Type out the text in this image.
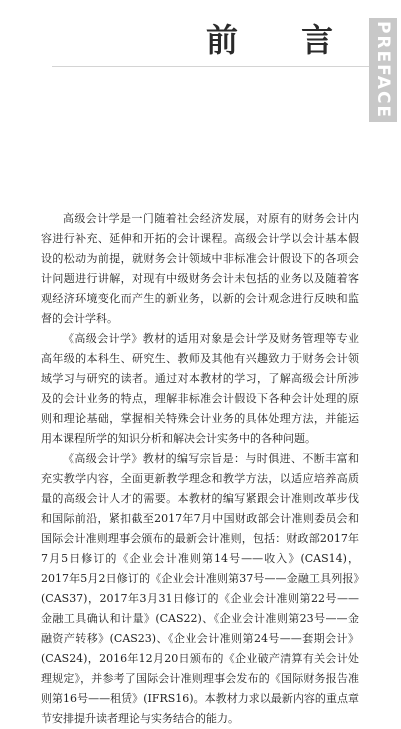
前 言 PREFACE

高级会计学是一门随着社会经济发展，对原有的财务会计内容进行补充、延伸和开拓的会计课程。高级会计学以会计基本假设的松动为前提，就财务会计领域中非标准会计假设下的各项会计问题进行讲解，对现有中级财务会计未包括的业务以及随着客观经济环境变化而产生的新业务，以新的会计观念进行反映和监督的会计学科。

《高级会计学》教材的适用对象是会计学及财务管理等专业高年级的本科生、研究生、教师及其他有兴趣致力于财务会计领域学习与研究的读者。通过对本教材的学习，了解高级会计所涉及的会计业务的特点，理解非标准会计假设下各种会计处理的原则和理论基础，掌握相关特殊会计业务的具体处理方法，并能运用本课程所学的知识分析和解决会计实务中的各种问题。

《高级会计学》教材的编写宗旨是：与时俱进、不断丰富和充实教学内容，全面更新教学理念和教学方法，以适应培养高质量的高级会计人才的需要。本教材的编写紧跟会计准则改革步伐和国际前沿，紧扣截至2017年7月中国财政部会计准则委员会和国际会计准则理事会颁布的最新会计准则，包括：财政部2017年7月5日修订的《企业会计准则第14号——收入》(CAS14)，2017年5月2日修订的《企业会计准则第37号——金融工具列报》(CAS37)，2017年3月31日修订的《企业会计准则第22号——金融工具确认和计量》(CAS22)、《企业会计准则第23号——金融资产转移》(CAS23)、《企业会计准则第24号——套期会计》(CAS24)，2016年12月20日颁布的《企业破产清算有关会计处理规定》，并参考了国际会计准则理事会发布的《国际财务报告准则第16号——租赁》(IFRS16)。本教材力求以最新内容的重点章节安排提升读者理论与实务结合的能力。
